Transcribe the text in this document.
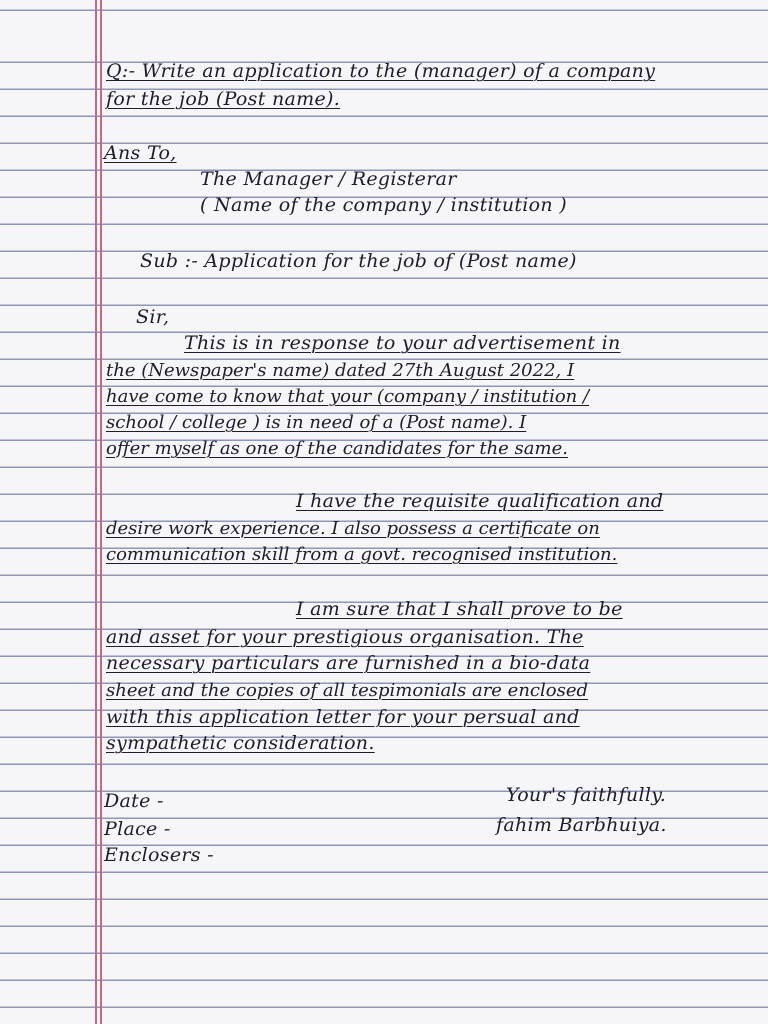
Q:- Write an application to the (manager) of a company
for the job (Post name).
Ans To,
The Manager / Registerar
( Name of the company / institution )
Sub :- Application for the job of (Post name)
Sir,
This is in response to your advertisement in
the (Newspaper's name) dated 27th August 2022, I
have come to know that your (company / institution /
school / college ) is in need of a (Post name). I
offer myself as one of the candidates for the same.
I have the requisite qualification and
desire work experience. I also possess a certificate on
communication skill from a govt. recognised institution.
I am sure that I shall prove to be
and asset for your prestigious organisation. The
necessary particulars are furnished in a bio-data
sheet and the copies of all tespimonials are enclosed
with this application letter for your persual and
sympathetic consideration.
Date -	Your's faithfully.
Place -	fahim Barbhuiya.
Enclosers -
